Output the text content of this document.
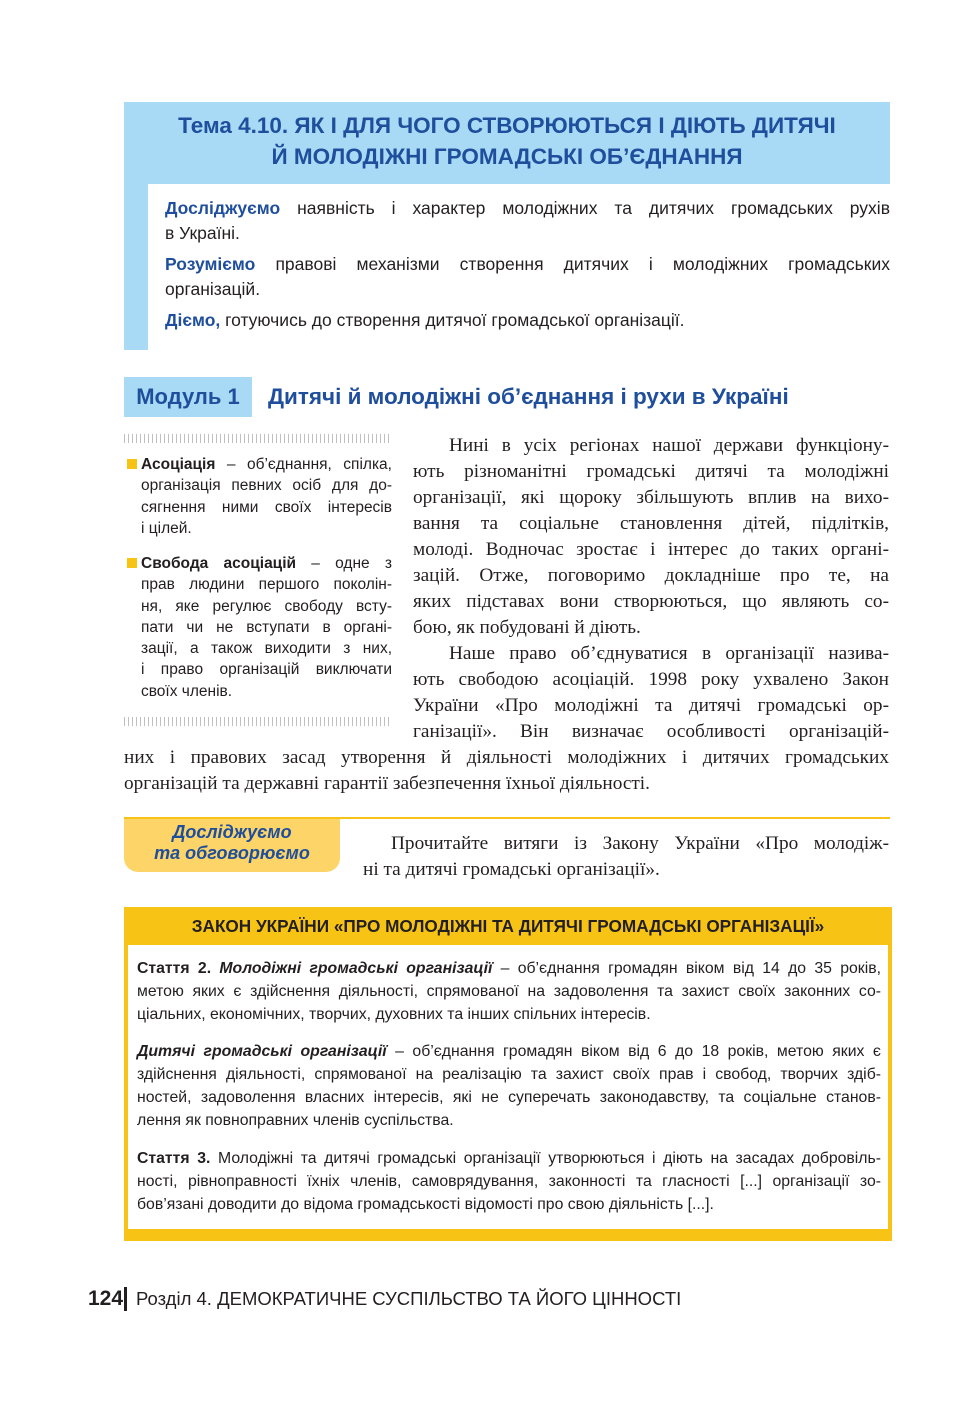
Тема 4.10. ЯК І ДЛЯ ЧОГО СТВОРЮЮТЬСЯ І ДІЮТЬ ДИТЯЧІ
Й МОЛОДІЖНІ ГРОМАДСЬКІ ОБ’ЄДНАННЯ
Досліджуємо наявність і характер молодіжних та дитячих громадських рухів
в Україні.
Розуміємо правові механізми створення дитячих і молодіжних громадських
організацій.
Діємо, готуючись до створення дитячої громадської організації.
Модуль 1	Дитячі й молодіжні об’єднання і рухи в Україні
Асоціація – об’єднання, спілка,
організація певних осіб для до-
сягнення ними своїх інтересів
і цілей.
Свобода асоціацій – одне з
прав людини першого поколін-
ня, яке регулює свободу всту-
пати чи не вступати в органі-
зації, а також виходити з них,
і право організацій виключати
своїх членів.
Нині в усіх регіонах нашої держави функціону-
ють різноманітні громадські дитячі та молодіжні
організації, які щороку збільшують вплив на вихо-
вання та соціальне становлення дітей, підлітків,
молоді. Водночас зростає і інтерес до таких органі-
зацій. Отже, поговоримо докладніше про те, на
яких підставах вони створюються, що являють со-
бою, як побудовані й діють.
Наше право об’єднуватися в організації назива-
ють свободою асоціацій. 1998 року ухвалено Закон
України «Про молодіжні та дитячі громадські ор-
ганізації». Він визначає особливості організацій-
них і правових засад утворення й діяльності молодіжних і дитячих громадських
організацій та державні гарантії забезпечення їхньої діяльності.
Досліджуємо
та обговорюємо	Прочитайте витяги із Закону України «Про молодіж-
ні та дитячі громадські організації».
ЗАКОН УКРАЇНИ «ПРО МОЛОДІЖНІ ТА ДИТЯЧІ ГРОМАДСЬКІ ОРГАНІЗАЦІЇ»
Стаття 2. Молодіжні громадські організації – об’єднання громадян віком від 14 до 35 років,
метою яких є здійснення діяльності, спрямованої на задоволення та захист своїх законних со-
ціальних, економічних, творчих, духовних та інших спільних інтересів.
Дитячі громадські організації – об’єднання громадян віком від 6 до 18 років, метою яких є
здійснення діяльності, спрямованої на реалізацію та захист своїх прав і свобод, творчих здіб-
ностей, задоволення власних інтересів, які не суперечать законодавству, та соціальне станов-
лення як повноправних членів суспільства.
Стаття 3. Молодіжні та дитячі громадські організації утворюються і діють на засадах добровіль-
ності, рівноправності їхніх членів, самоврядування, законності та гласності [...] організації зо-
бов’язані доводити до відома громадськості відомості про свою діяльність [...].
124 Розділ 4. ДЕМОКРАТИЧНЕ СУСПІЛЬСТВО ТА ЙОГО ЦІННОСТІ
